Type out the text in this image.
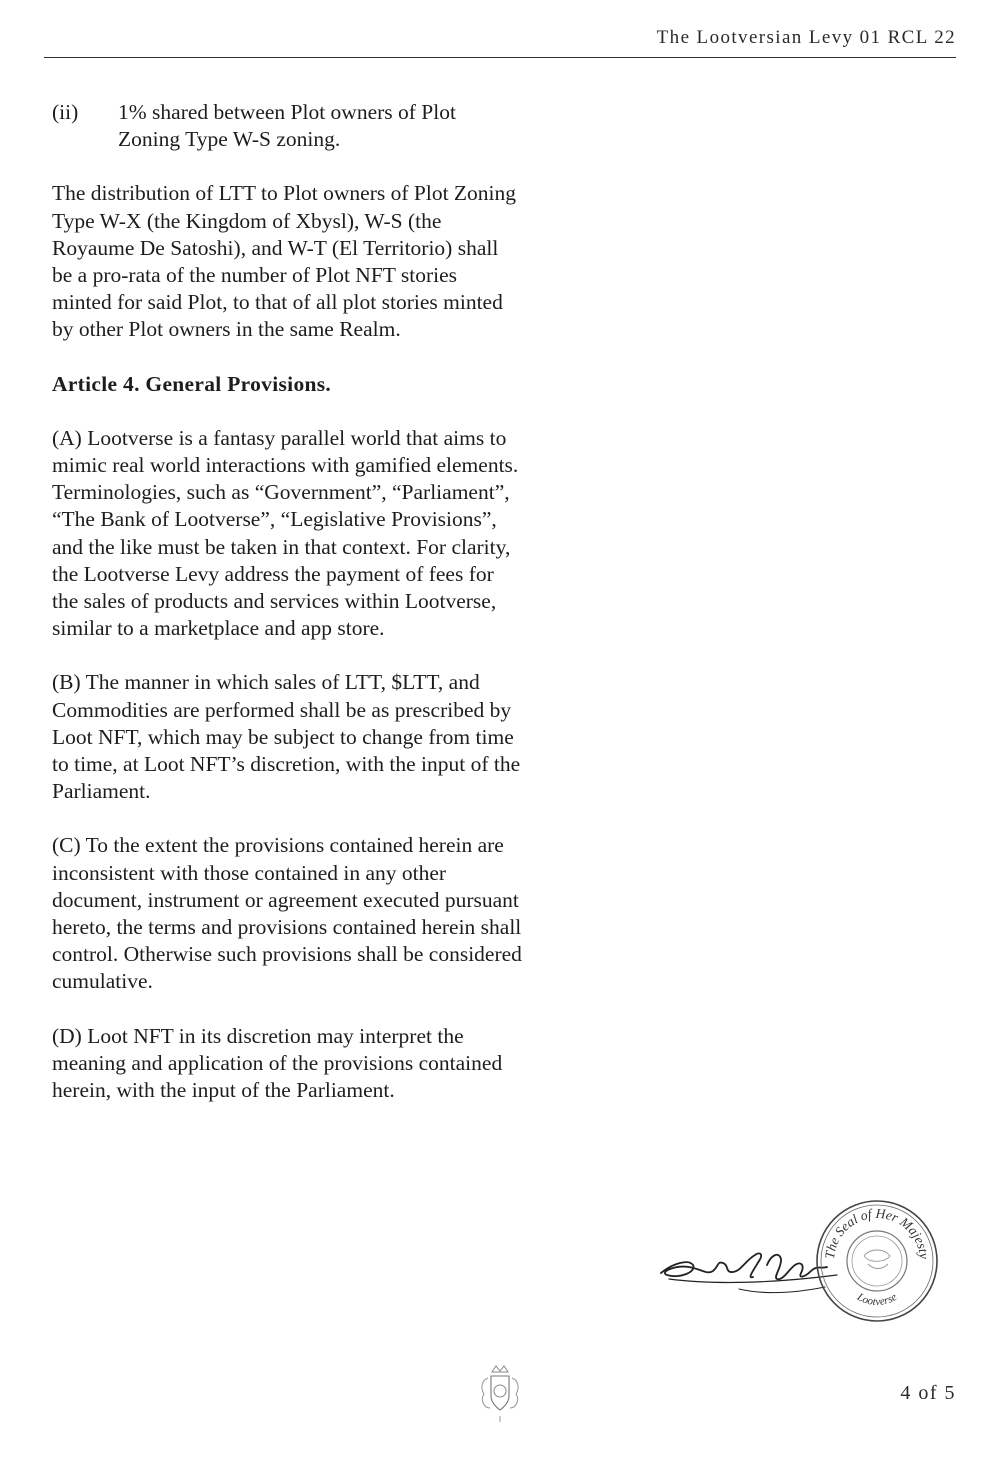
The Lootversian Levy 01 RCL 22
(ii)	1% shared between Plot owners of Plot Zoning Type W-S zoning.

The distribution of LTT to Plot owners of Plot Zoning Type W-X (the Kingdom of Xbysl), W-S (the Royaume De Satoshi), and W-T (El Territorio) shall be a pro-rata of the number of Plot NFT stories minted for said Plot, to that of all plot stories minted by other Plot owners in the same Realm.

Article 4. General Provisions.

(A) Lootverse is a fantasy parallel world that aims to mimic real world interactions with gamified elements. Terminologies, such as “Government”, “Parliament”, “The Bank of Lootverse”, “Legislative Provisions”, and the like must be taken in that context. For clarity, the Lootverse Levy address the payment of fees for the sales of products and services within Lootverse, similar to a marketplace and app store.

(B) The manner in which sales of LTT, $LTT, and Commodities are performed shall be as prescribed by Loot NFT, which may be subject to change from time to time, at Loot NFT’s discretion, with the input of the Parliament.

(C) To the extent the provisions contained herein are inconsistent with those contained in any other document, instrument or agreement executed pursuant hereto, the terms and provisions contained herein shall control. Otherwise such provisions shall be considered cumulative.

(D) Loot NFT in its discretion may interpret the meaning and application of the provisions contained herein, with the input of the Parliament.

The Seal of Her Majesty
Lootverse
4 of 5
